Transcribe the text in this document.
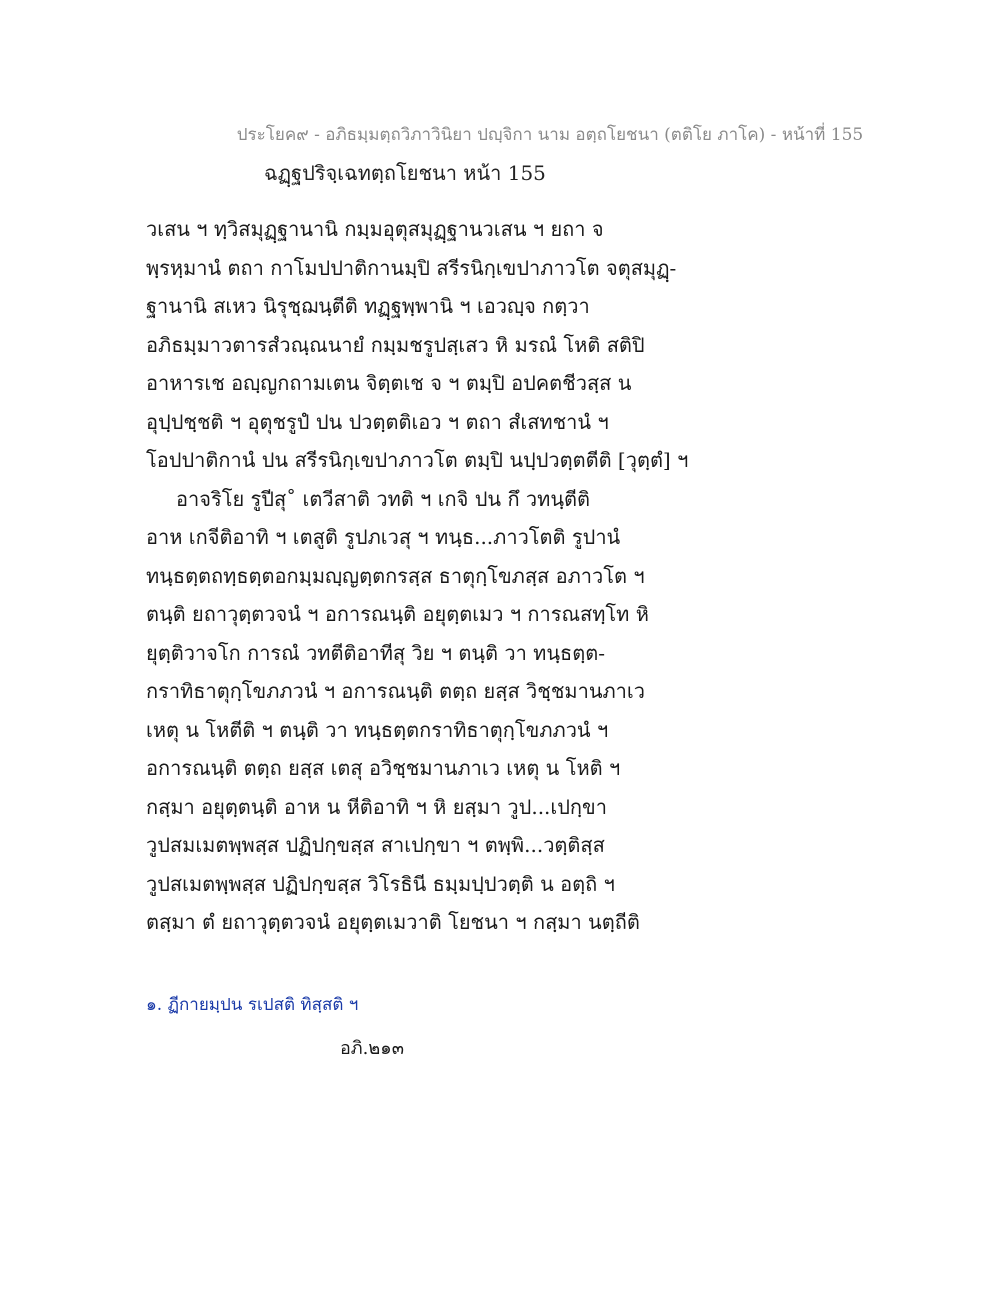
ประโยค๙ - อภิธมฺมตฺถวิภาวินิยา ปญฺจิกา นาม อตฺถโยชนา (ตติโย ภาโค) - หน้าที่ 155
ฉฏฺฐปริจฺเฉทตฺถโยชนา หน้า 155
วเสน ฯ ทฺวิสมุฏฺฐานานิ กมฺมอุตุสมุฏฺฐานวเสน ฯ ยถา จ
พฺรหฺมานํ ตถา กาโมปปาติกานมฺปิ สรีรนิกฺเขปาภาวโต จตุสมุฏฺ-
ฐานานิ สเหว นิรุชฺฌนฺตีติ ทฏฺฐพฺพานิ ฯ เอวญฺจ กตฺวา
อภิธมฺมาวตารสํวณฺณนายํ กมฺมชรูปสฺเสว หิ มรณํ โหติ สติปิ
อาหารเช อญฺญกถามเตน จิตฺตเช จ ฯ ตมฺปิ อปคตชีวสฺส น
อุปฺปชฺชติ ฯ อุตุชรูปํ ปน ปวตฺตติเอว ฯ ตถา สํเสทชานํ ฯ
โอปปาติกานํ ปน สรีรนิกฺเขปาภาวโต ตมฺปิ นปฺปวตฺตตีติ [วุตฺตํ] ฯ
อาจริโย รูปีสุ˚ เตวีสาติ วทติ ฯ เกจิ ปน กึ วทนฺตีติ
อาห เกจีติอาทิ ฯ เตสูติ รูปภเวสุ ฯ ทนฺธ...ภาวโตติ รูปานํ
ทนฺธตฺตถทฺธตฺตอกมฺมญฺญตฺตกรสฺส ธาตุกฺโขภสฺส อภาวโต ฯ
ตนฺติ ยถาวุตฺตวจนํ ฯ อการณนฺติ อยุตฺตเมว ฯ การณสทฺโท หิ
ยุตฺติวาจโก การณํ วทตีติอาทีสุ วิย ฯ ตนฺติ วา ทนฺธตฺต-
กราทิธาตุกฺโขภภวนํ ฯ อการณนฺติ ตตฺถ ยสฺส วิชฺชมานภาเว
เหตุ น โหตีติ ฯ ตนฺติ วา ทนฺธตฺตกราทิธาตุกฺโขภภวนํ ฯ
อการณนฺติ ตตฺถ ยสฺส เตสุ อวิชฺชมานภาเว เหตุ น โหติ ฯ
กสฺมา อยุตฺตนฺติ อาห น หีติอาทิ ฯ หิ ยสฺมา วูป...เปกฺขา
วูปสมเมตพฺพสฺส ปฏิปกฺขสฺส สาเปกฺขา ฯ ตพฺพิ...วตฺติสฺส
วูปสเมตพฺพสฺส ปฏิปกฺขสฺส วิโรธินี ธมฺมปฺปวตฺติ น อตฺถิ ฯ
ตสฺมา ตํ ยถาวุตฺตวจนํ อยุตฺตเมวาติ โยชนา ฯ กสฺมา นตฺถีติ
๑. ฏีกายมฺปน รเปสติ ทิสฺสติ ฯ
อภิ.๒๑๓
